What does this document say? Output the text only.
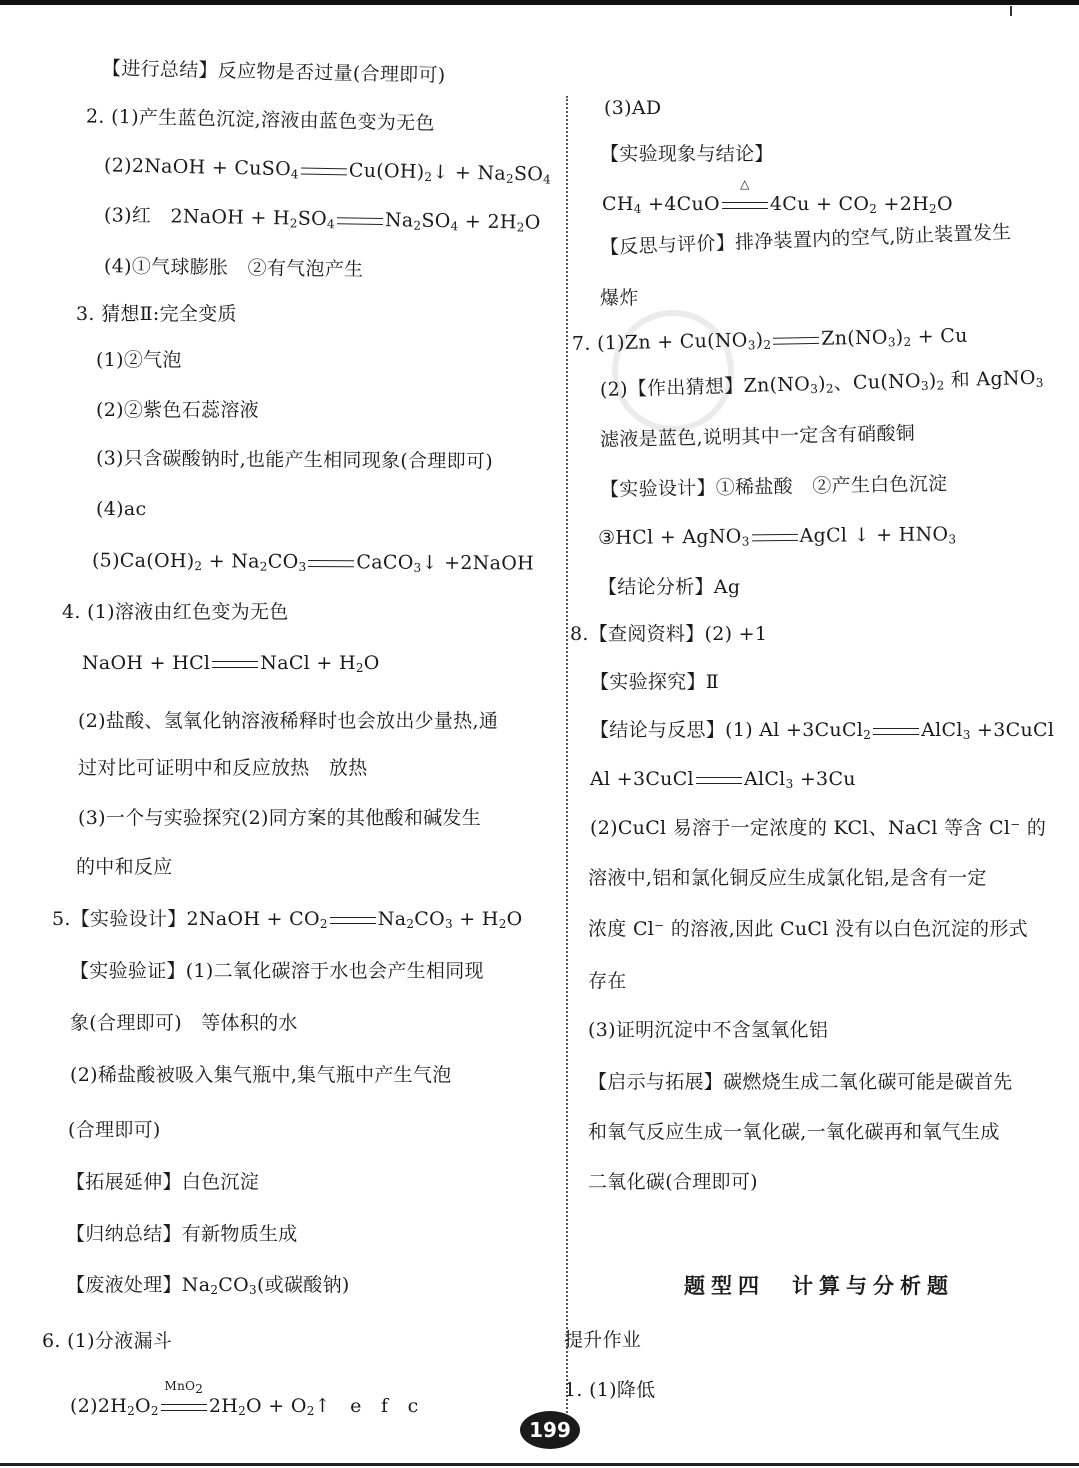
【进行总结】反应物是否过量(合理即可)
2. (1)产生蓝色沉淀,溶液由蓝色变为无色
(2)2NaOH + CuSO$_4$	$Cu(OH)_2↓ + Na_2SO_4$
(3)红　2NaOH + $H_2SO_4$	$Na_2SO_4 + 2H_2O$
(4)①气球膨胀　②有气泡产生
3. 猜想Ⅱ:完全变质
(1)②气泡
(2)②紫色石蕊溶液
(3)只含碳酸钠时,也能产生相同现象(合理即可)
(4)ac
$(5)Ca(OH)_2 + Na_2CO_3$	CaCO$_3$↓ +2NaOH
4. (1)溶液由红色变为无色
NaOH + HCl	NaCl + $H_2O$
(2)盐酸、氢氧化钠溶液稀释时也会放出少量热,通
过对比可证明中和反应放热　放热
(3)一个与实验探究(2)同方案的其他酸和碱发生
的中和反应
5.【实验设计】2NaOH + $CO_2$	$Na_2CO_3 + H_2O$
【实验验证】(1)二氧化碳溶于水也会产生相同现
象(合理即可)　等体积的水
(2)稀盐酸被吸入集气瓶中,集气瓶中产生气泡
(合理即可)
【拓展延伸】白色沉淀
【归纳总结】有新物质生成
【废液处理】$Na_2CO_3$(或碳酸钠)
6. (1)分液漏斗
$(2)2H_2O_2$
MnO$_2$
$2H_2O$ + $O_2↑$　e　f　c
(3)AD
【实验现象与结论】
$CH_4 +4CuO$
△
$4Cu + CO_2 +2H_2O$
【反思与评价】排净装置内的空气,防止装置发生
爆炸
7. $(1)Zn + Cu(NO_3)_2$	$Zn(NO_3)_2 + Cu$
(2)【作出猜想】$Zn(NO_3)_2$、$Cu(NO_3)_2$ 和 AgNO$_3$
滤液是蓝色,说明其中一定含有硝酸铜
【实验设计】①稀盐酸　②产生白色沉淀
③HCl + AgNO$_3$	AgCl ↓ + $HNO_3$
【结论分析】Ag
8.【查阅资料】(2) +1
【实验探究】Ⅱ
【结论与反思】(1) Al +3CuCl$_2$	AlCl$_3$ +3CuCl
Al +3CuCl	AlCl$_3$ +3Cu
(2)CuCl 易溶于一定浓度的 KCl、NaCl 等含 Cl⁻ 的
溶液中,铝和氯化铜反应生成氯化铝,是含有一定
浓度 Cl⁻ 的溶液,因此 CuCl 没有以白色沉淀的形式
存在
(3)证明沉淀中不含氢氧化铝
【启示与拓展】碳燃烧生成二氧化碳可能是碳首先
和氧气反应生成一氧化碳,一氧化碳再和氧气生成
二氧化碳(合理即可)
提升作业
1. (1)降低
题型四　计算与分析题
199
